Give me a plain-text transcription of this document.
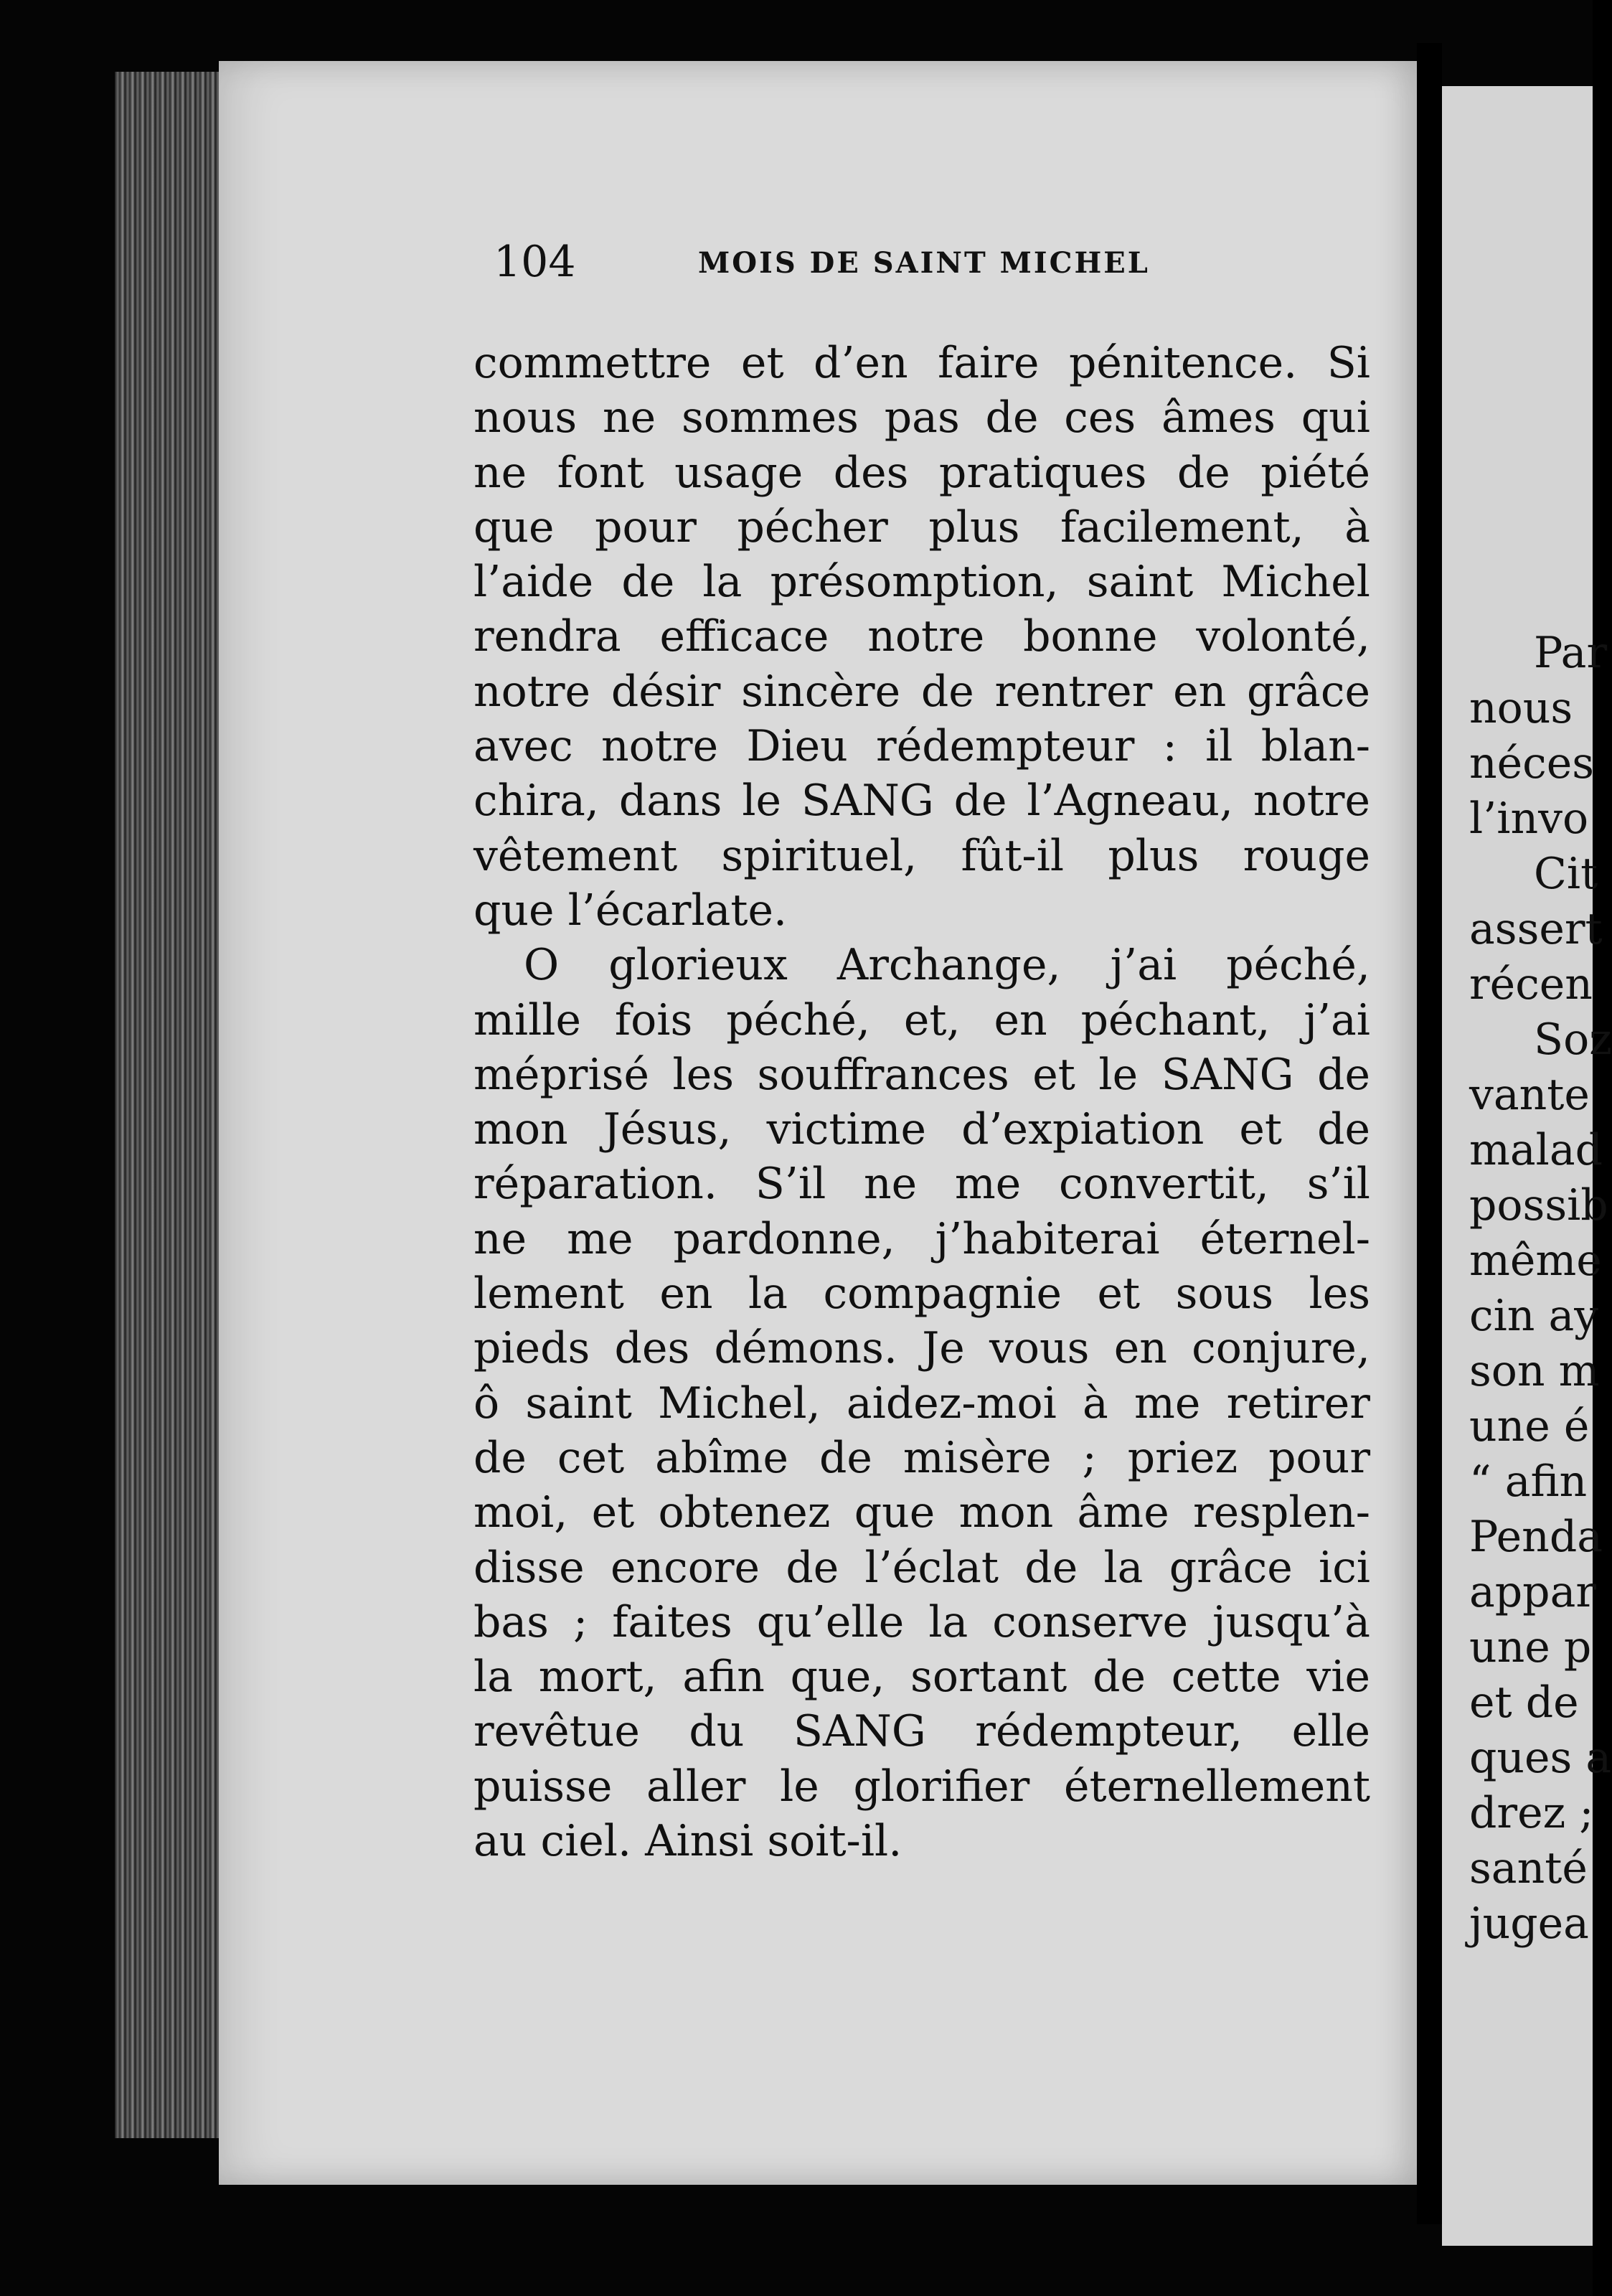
104	MOIS DE SAINT MICHEL
commettre et d’en faire pénitence. Si
nous ne sommes pas de ces âmes qui
ne font usage des pratiques de piété
que pour pécher plus facilement, à
l’aide de la présomption, saint Michel
rendra efficace notre bonne volonté,
notre désir sincère de rentrer en grâce
avec notre Dieu rédempteur : il blan-
chira, dans le SANG de l’Agneau, notre
vêtement spirituel, fût-il plus rouge
que l’écarlate.
O glorieux Archange, j’ai péché,
mille fois péché, et, en péchant, j’ai
méprisé les souffrances et le SANG de
mon Jésus, victime d’expiation et de
réparation. S’il ne me convertit, s’il
ne me pardonne, j’habiterai éternel-
lement en la compagnie et sous les
pieds des démons. Je vous en conjure,
ô saint Michel, aidez-moi à me retirer
de cet abîme de misère ; priez pour
moi, et obtenez que mon âme resplen-
disse encore de l’éclat de la grâce ici
bas ; faites qu’elle la conserve jusqu’à
la mort, afin que, sortant de cette vie
revêtue du SANG rédempteur, elle
puisse aller le glorifier éternellement
au ciel. Ainsi soit-il.
Par
nous
néces
l’invo
Cit
assert
récen
Soz
vante
malad
possib
même
cin ay
son m
une é
“ afin
Penda
appar
une p
et de
ques a
drez ;
santé
jugea
